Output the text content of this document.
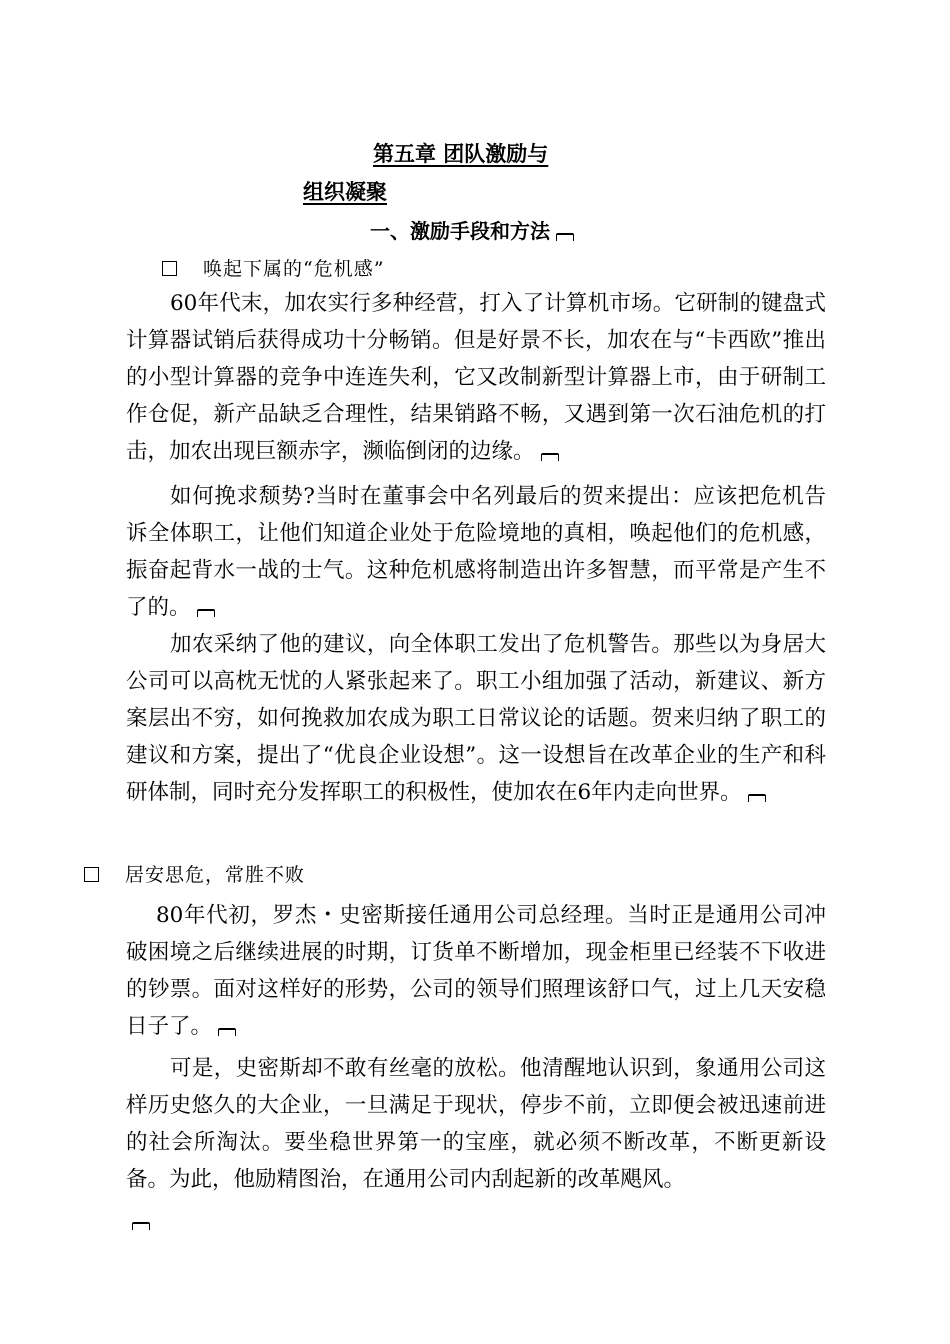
第五章 团队激励与
组织凝聚
一、激励手段和方法
唤起下属的“危机感”
60年代末，加农实行多种经营，打入了计算机市场。它研制的键盘式计算器试销后获得成功十分畅销。但是好景不长，加农在与“卡西欧”推出的小型计算器的竞争中连连失利，它又改制新型计算器上市，由于研制工作仓促，新产品缺乏合理性，结果销路不畅，又遇到第一次石油危机的打击，加农出现巨额赤字，濒临倒闭的边缘。
如何挽求颓势?当时在董事会中名列最后的贺来提出：应该把危机告诉全体职工，让他们知道企业处于危险境地的真相，唤起他们的危机感，振奋起背水一战的士气。这种危机感将制造出许多智慧，而平常是产生不了的。
加农采纳了他的建议，向全体职工发出了危机警告。那些以为身居大公司可以高枕无忧的人紧张起来了。职工小组加强了活动，新建议、新方案层出不穷，如何挽救加农成为职工日常议论的话题。贺来归纳了职工的建议和方案，提出了“优良企业设想”。这一设想旨在改革企业的生产和科研体制，同时充分发挥职工的积极性，使加农在6年内走向世界。
居安思危，常胜不败
80年代初，罗杰・史密斯接任通用公司总经理。当时正是通用公司冲破困境之后继续进展的时期，订货单不断增加，现金柜里已经装不下收进的钞票。面对这样好的形势，公司的领导们照理该舒口气，过上几天安稳日子了。
可是，史密斯却不敢有丝毫的放松。他清醒地认识到，象通用公司这样历史悠久的大企业，一旦满足于现状，停步不前，立即便会被迅速前进的社会所淘汰。要坐稳世界第一的宝座，就必须不断改革，不断更新设备。为此，他励精图治，在通用公司内刮起新的改革飓风。
